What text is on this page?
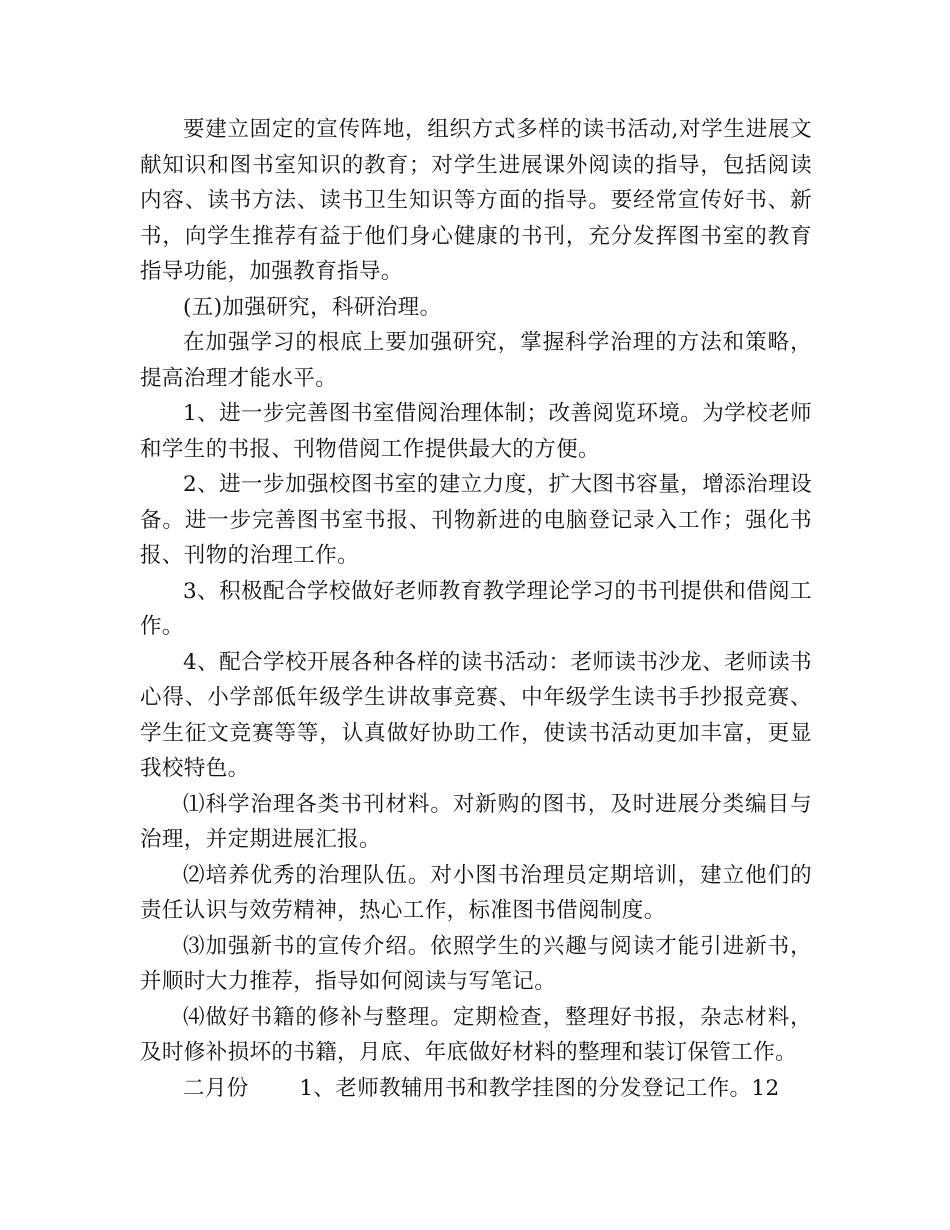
要建立固定的宣传阵地，组织方式多样的读书活动,对学生进展文献知识和图书室知识的教育；对学生进展课外阅读的指导，包括阅读内容、读书方法、读书卫生知识等方面的指导。要经常宣传好书、新书，向学生推荐有益于他们身心健康的书刊，充分发挥图书室的教育指导功能，加强教育指导。

(五)加强研究，科研治理。

在加强学习的根底上要加强研究，掌握科学治理的方法和策略，提高治理才能水平。

1、进一步完善图书室借阅治理体制；改善阅览环境。为学校老师和学生的书报、刊物借阅工作提供最大的方便。

2、进一步加强校图书室的建立力度，扩大图书容量，增添治理设备。进一步完善图书室书报、刊物新进的电脑登记录入工作；强化书报、刊物的治理工作。

3、积极配合学校做好老师教育教学理论学习的书刊提供和借阅工作。

4、配合学校开展各种各样的读书活动：老师读书沙龙、老师读书心得、小学部低年级学生讲故事竞赛、中年级学生读书手抄报竞赛、学生征文竞赛等等，认真做好协助工作，使读书活动更加丰富，更显我校特色。

⑴科学治理各类书刊材料。对新购的图书，及时进展分类编目与治理，并定期进展汇报。

⑵培养优秀的治理队伍。对小图书治理员定期培训，建立他们的责任认识与效劳精神，热心工作，标准图书借阅制度。

⑶加强新书的宣传介绍。依照学生的兴趣与阅读才能引进新书，并顺时大力推荐，指导如何阅读与写笔记。

⑷做好书籍的修补与整理。定期检查，整理好书报，杂志材料，及时修补损坏的书籍，月底、年底做好材料的整理和装订保管工作。

二月份 1、老师教辅用书和教学挂图的分发登记工作。12
